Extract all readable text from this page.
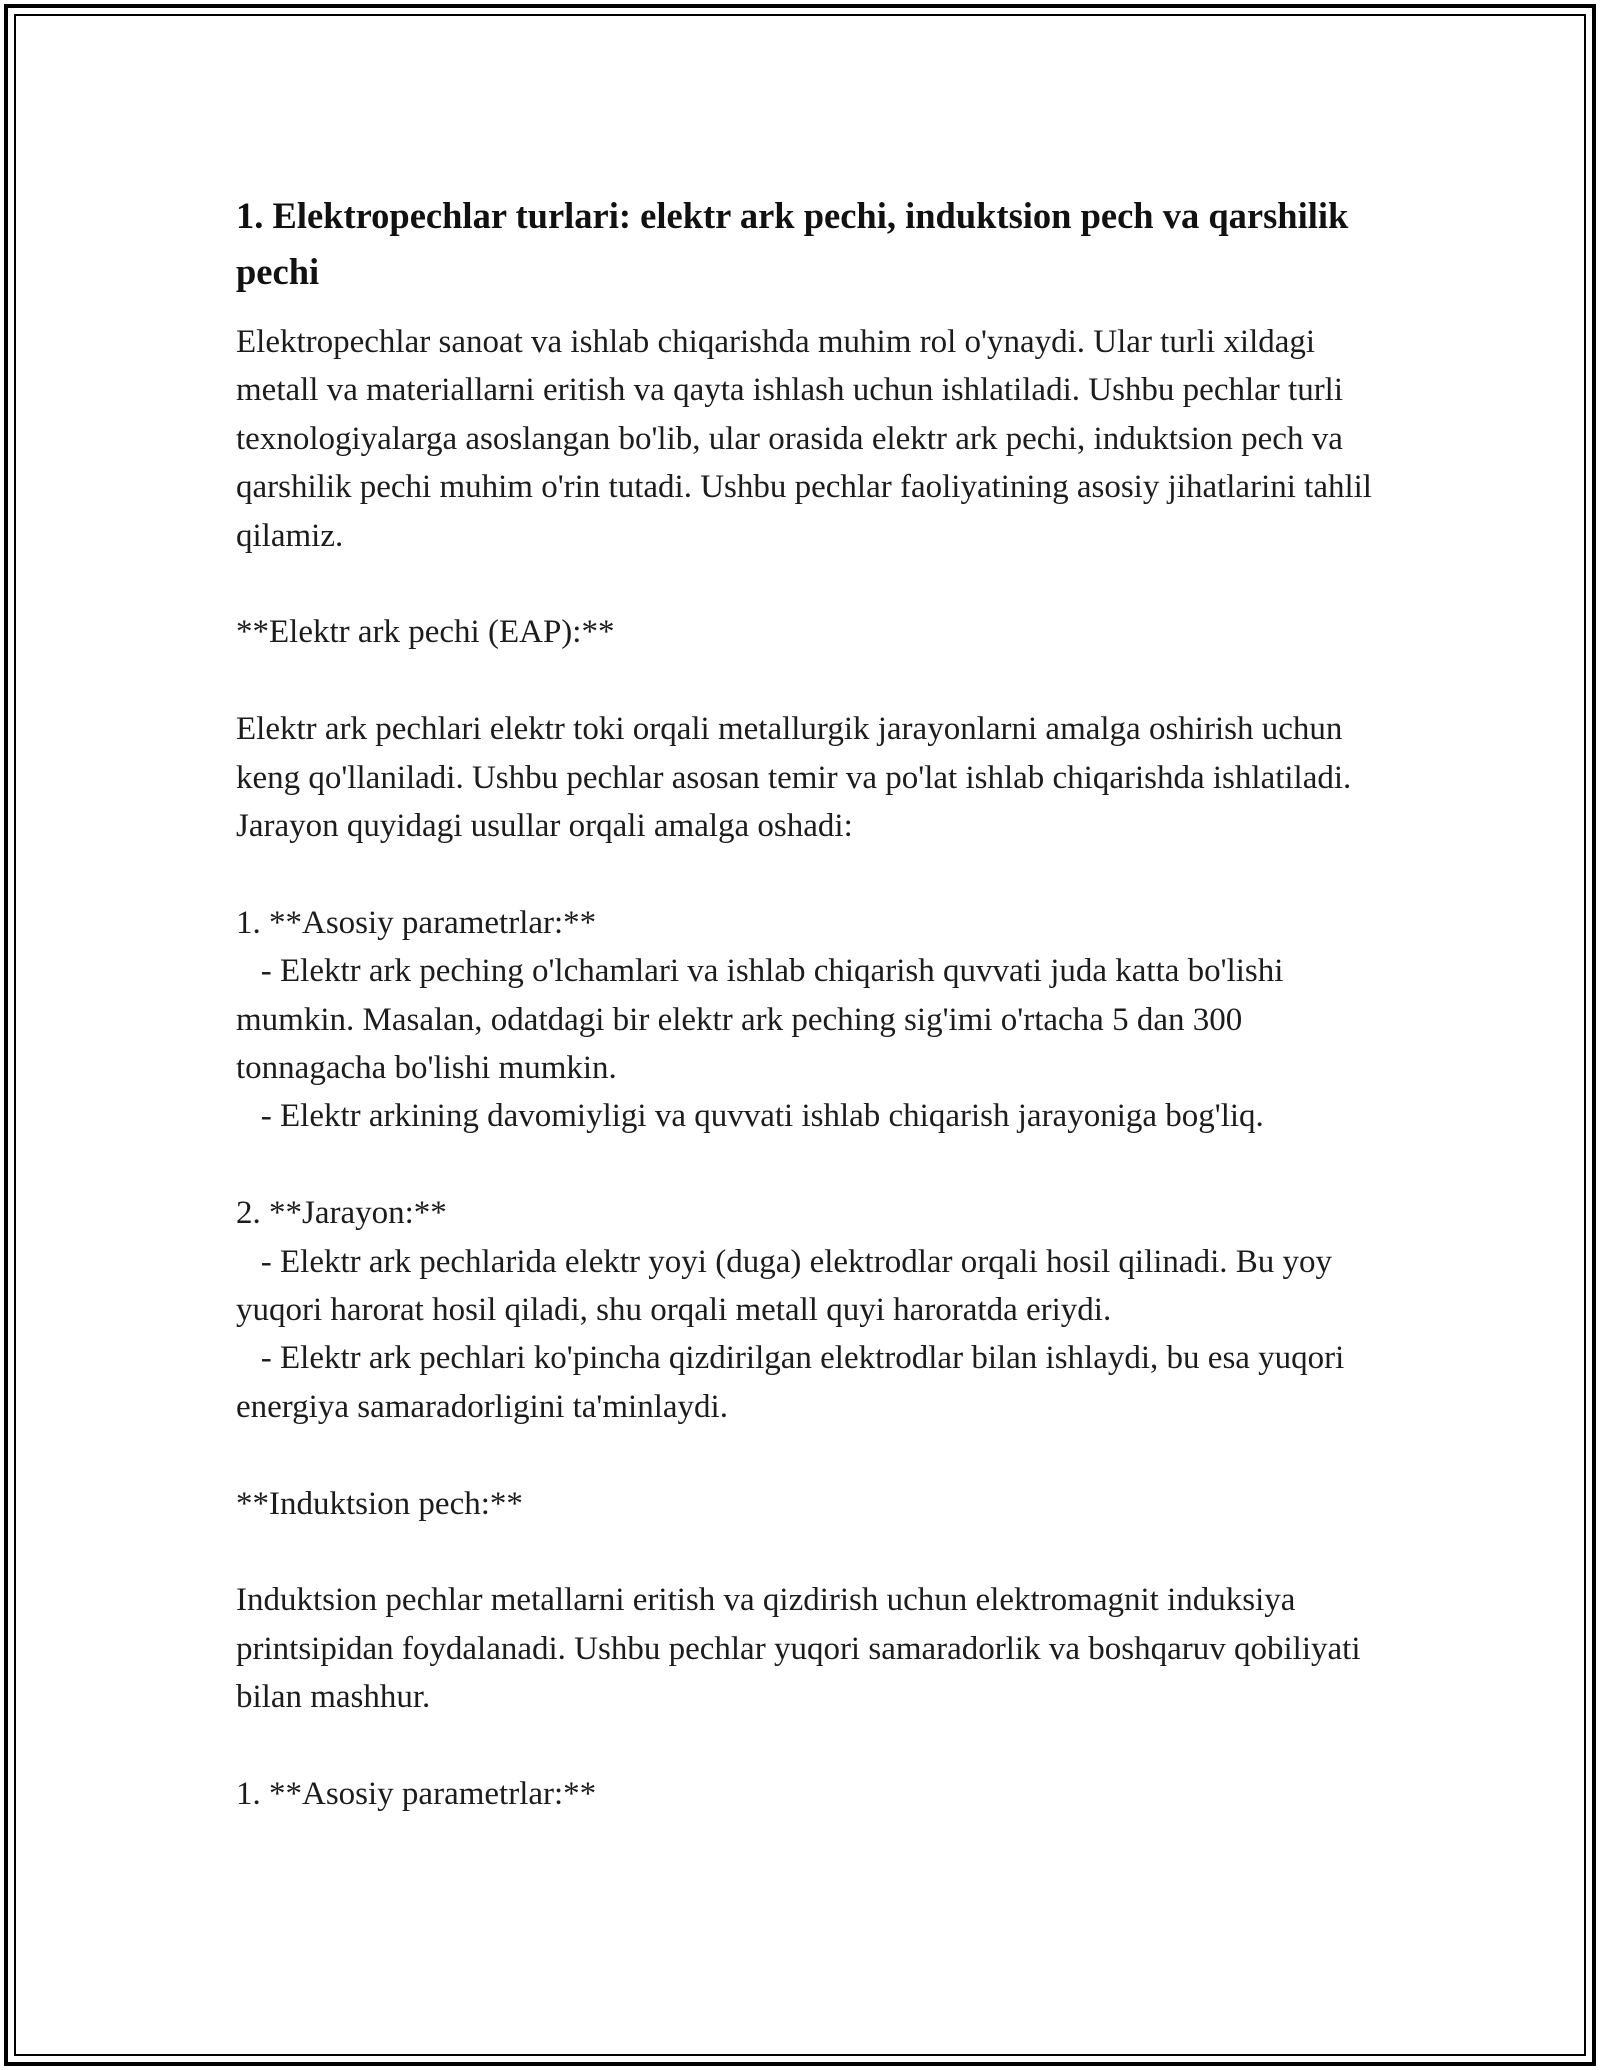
1. Elektropechlar turlari: elektr ark pechi, induktsion pech va qarshilik pechi

Elektropechlar sanoat va ishlab chiqarishda muhim rol o'ynaydi. Ular turli xildagi metall va materiallarni eritish va qayta ishlash uchun ishlatiladi. Ushbu pechlar turli texnologiyalarga asoslangan bo'lib, ular orasida elektr ark pechi, induktsion pech va qarshilik pechi muhim o'rin tutadi. Ushbu pechlar faoliyatining asosiy jihatlarini tahlil qilamiz.

**Elektr ark pechi (EAP):**

Elektr ark pechlari elektr toki orqali metallurgik jarayonlarni amalga oshirish uchun keng qo'llaniladi. Ushbu pechlar asosan temir va po'lat ishlab chiqarishda ishlatiladi. Jarayon quyidagi usullar orqali amalga oshadi:

1. **Asosiy parametrlar:**

- Elektr ark peching o'lchamlari va ishlab chiqarish quvvati juda katta bo'lishi mumkin. Masalan, odatdagi bir elektr ark peching sig'imi o'rtacha 5 dan 300 tonnagacha bo'lishi mumkin.

- Elektr arkining davomiyligi va quvvati ishlab chiqarish jarayoniga bog'liq.

2. **Jarayon:**

- Elektr ark pechlarida elektr yoyi (duga) elektrodlar orqali hosil qilinadi. Bu yoy yuqori harorat hosil qiladi, shu orqali metall quyi haroratda eriydi.

- Elektr ark pechlari ko'pincha qizdirilgan elektrodlar bilan ishlaydi, bu esa yuqori energiya samaradorligini ta'minlaydi.

**Induktsion pech:**

Induktsion pechlar metallarni eritish va qizdirish uchun elektromagnit induksiya printsipidan foydalanadi. Ushbu pechlar yuqori samaradorlik va boshqaruv qobiliyati bilan mashhur.

1. **Asosiy parametrlar:**
